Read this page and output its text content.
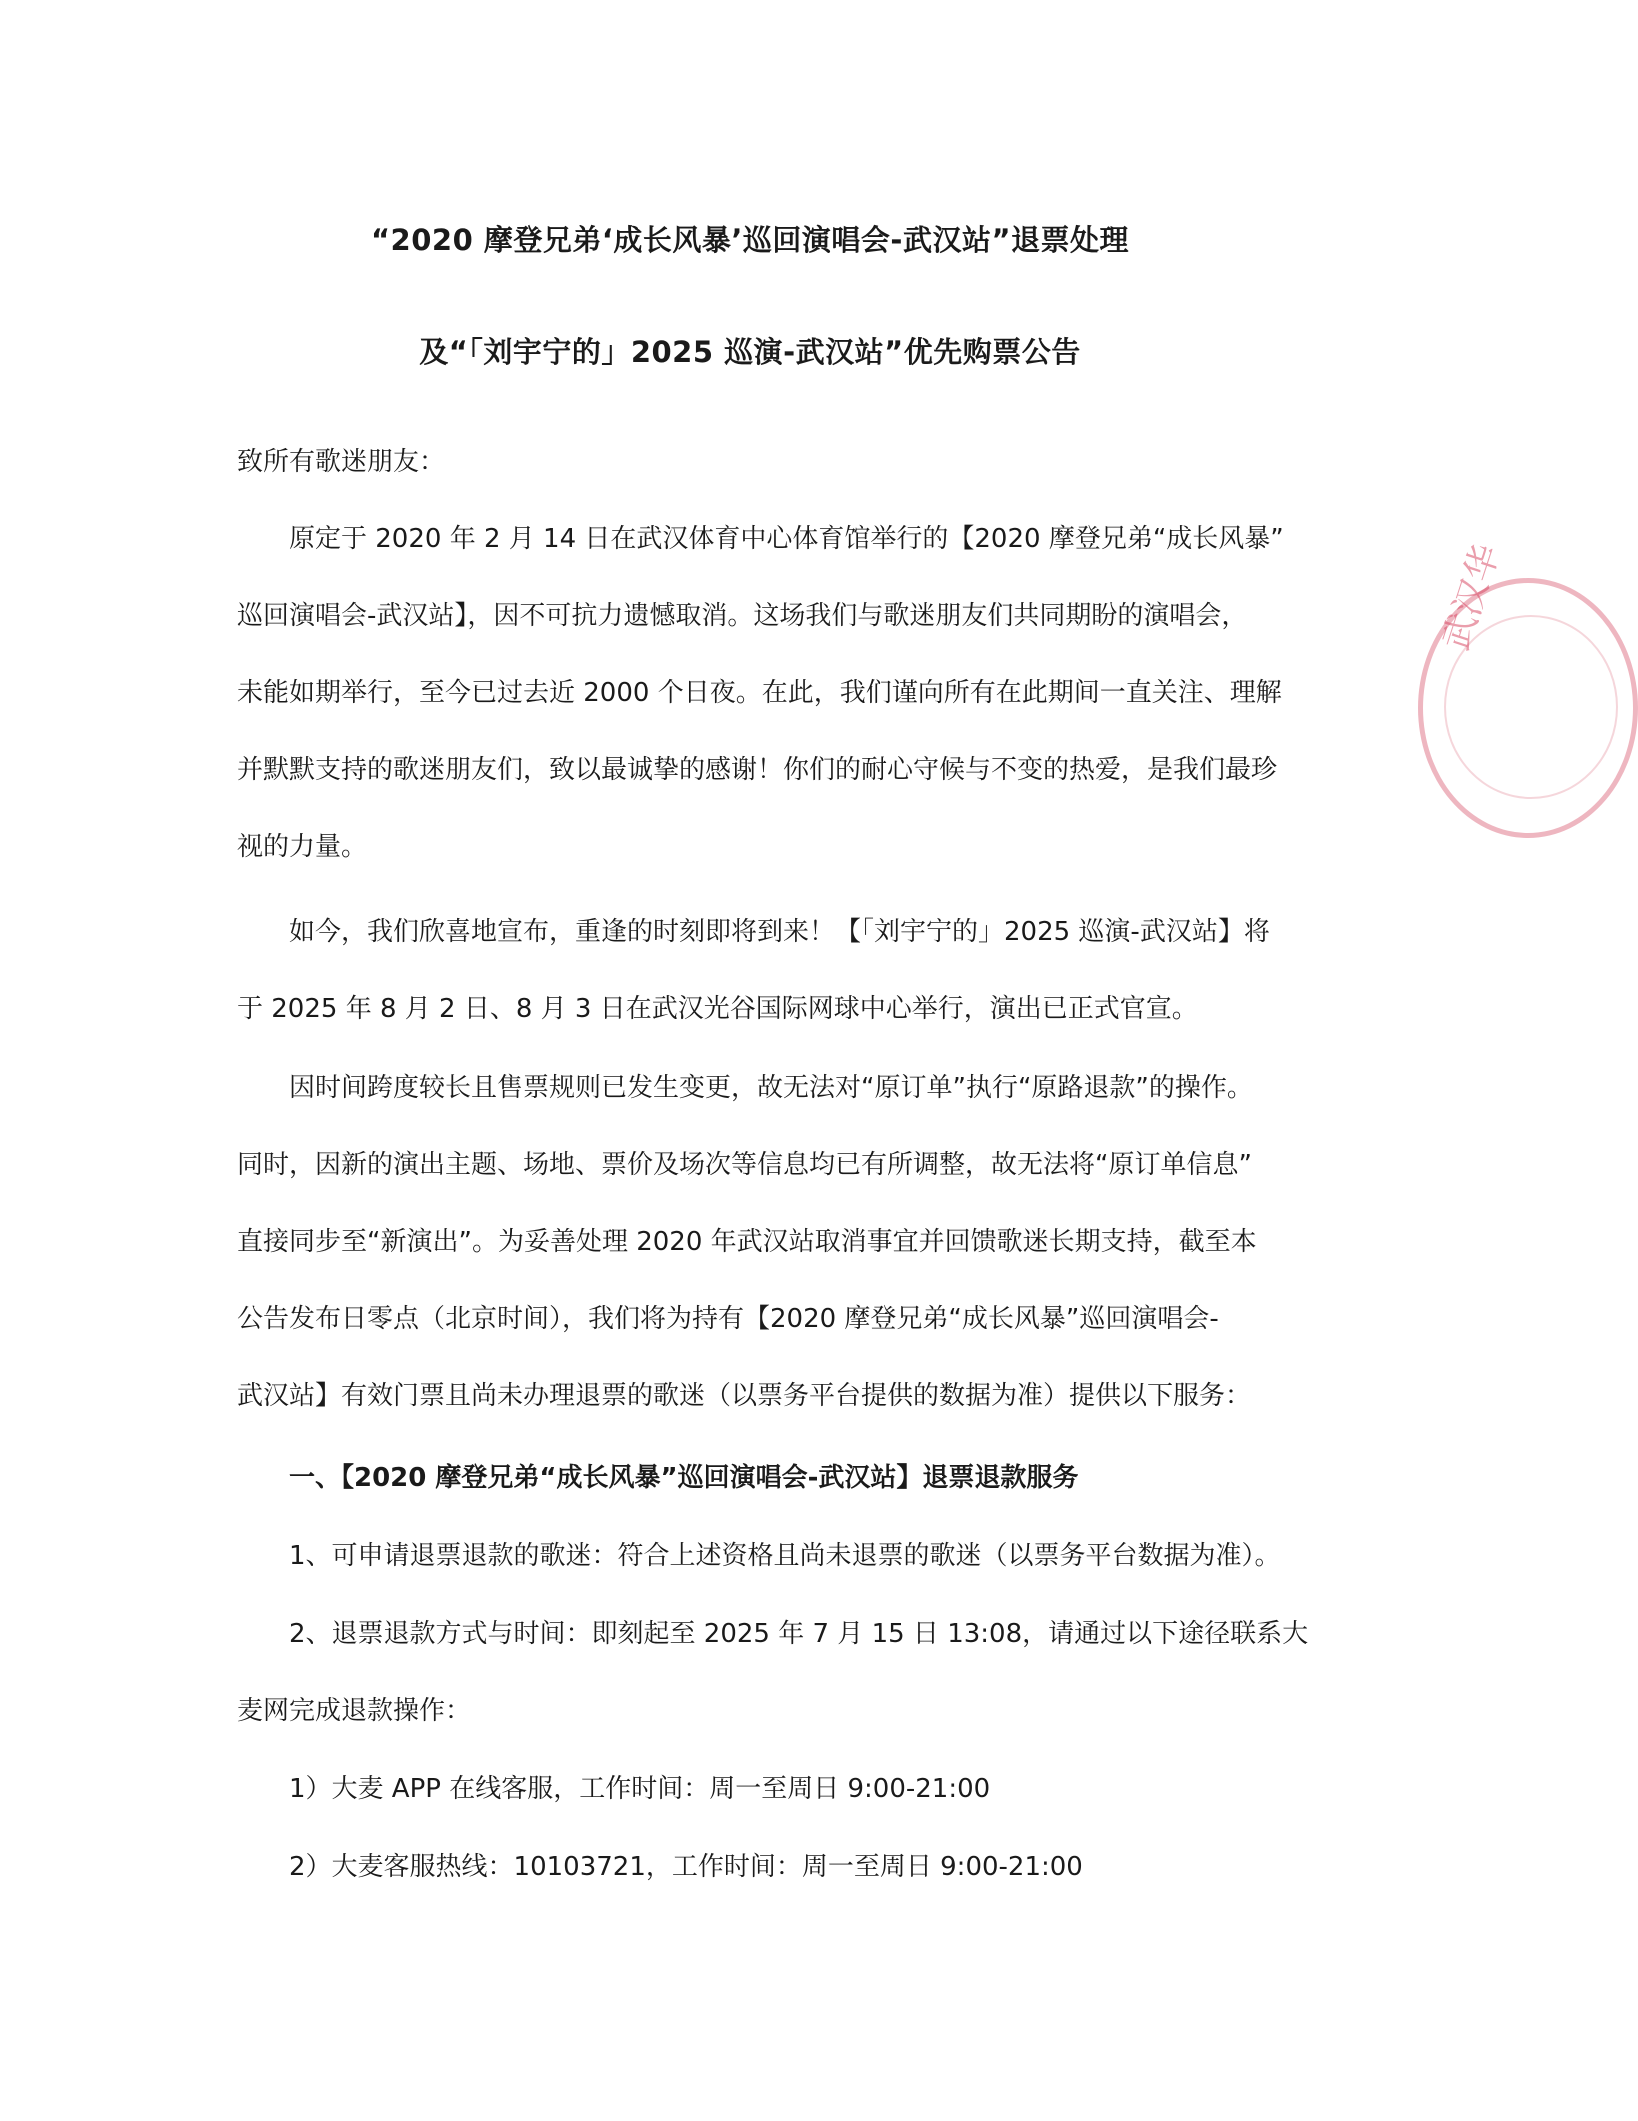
“2020 摩登兄弟‘成长风暴’巡回演唱会-武汉站”退票处理
及“「刘宇宁的」2025 巡演-武汉站”优先购票公告
致所有歌迷朋友：
原定于 2020 年 2 月 14 日在武汉体育中心体育馆举行的【2020 摩登兄弟“成长风暴”
巡回演唱会-武汉站】，因不可抗力遗憾取消。这场我们与歌迷朋友们共同期盼的演唱会，
未能如期举行，至今已过去近 2000 个日夜。在此，我们谨向所有在此期间一直关注、理解
并默默支持的歌迷朋友们，致以最诚挚的感谢！你们的耐心守候与不变的热爱，是我们最珍
视的力量。
如今，我们欣喜地宣布，重逢的时刻即将到来！【「刘宇宁的」2025 巡演-武汉站】将
于 2025 年 8 月 2 日、8 月 3 日在武汉光谷国际网球中心举行，演出已正式官宣。
因时间跨度较长且售票规则已发生变更，故无法对“原订单”执行“原路退款”的操作。
同时，因新的演出主题、场地、票价及场次等信息均已有所调整，故无法将“原订单信息”
直接同步至“新演出”。为妥善处理 2020 年武汉站取消事宜并回馈歌迷长期支持，截至本
公告发布日零点（北京时间），我们将为持有【2020 摩登兄弟“成长风暴”巡回演唱会-
武汉站】有效门票且尚未办理退票的歌迷（以票务平台提供的数据为准）提供以下服务：
一、【2020 摩登兄弟“成长风暴”巡回演唱会-武汉站】退票退款服务
1、可申请退票退款的歌迷：符合上述资格且尚未退票的歌迷（以票务平台数据为准）。
2、退票退款方式与时间：即刻起至 2025 年 7 月 15 日 13:08，请通过以下途径联系大
麦网完成退款操作：
1）大麦 APP 在线客服，工作时间：周一至周日 9:00-21:00
2）大麦客服热线：10103721，工作时间：周一至周日 9:00-21:00
武汉华
